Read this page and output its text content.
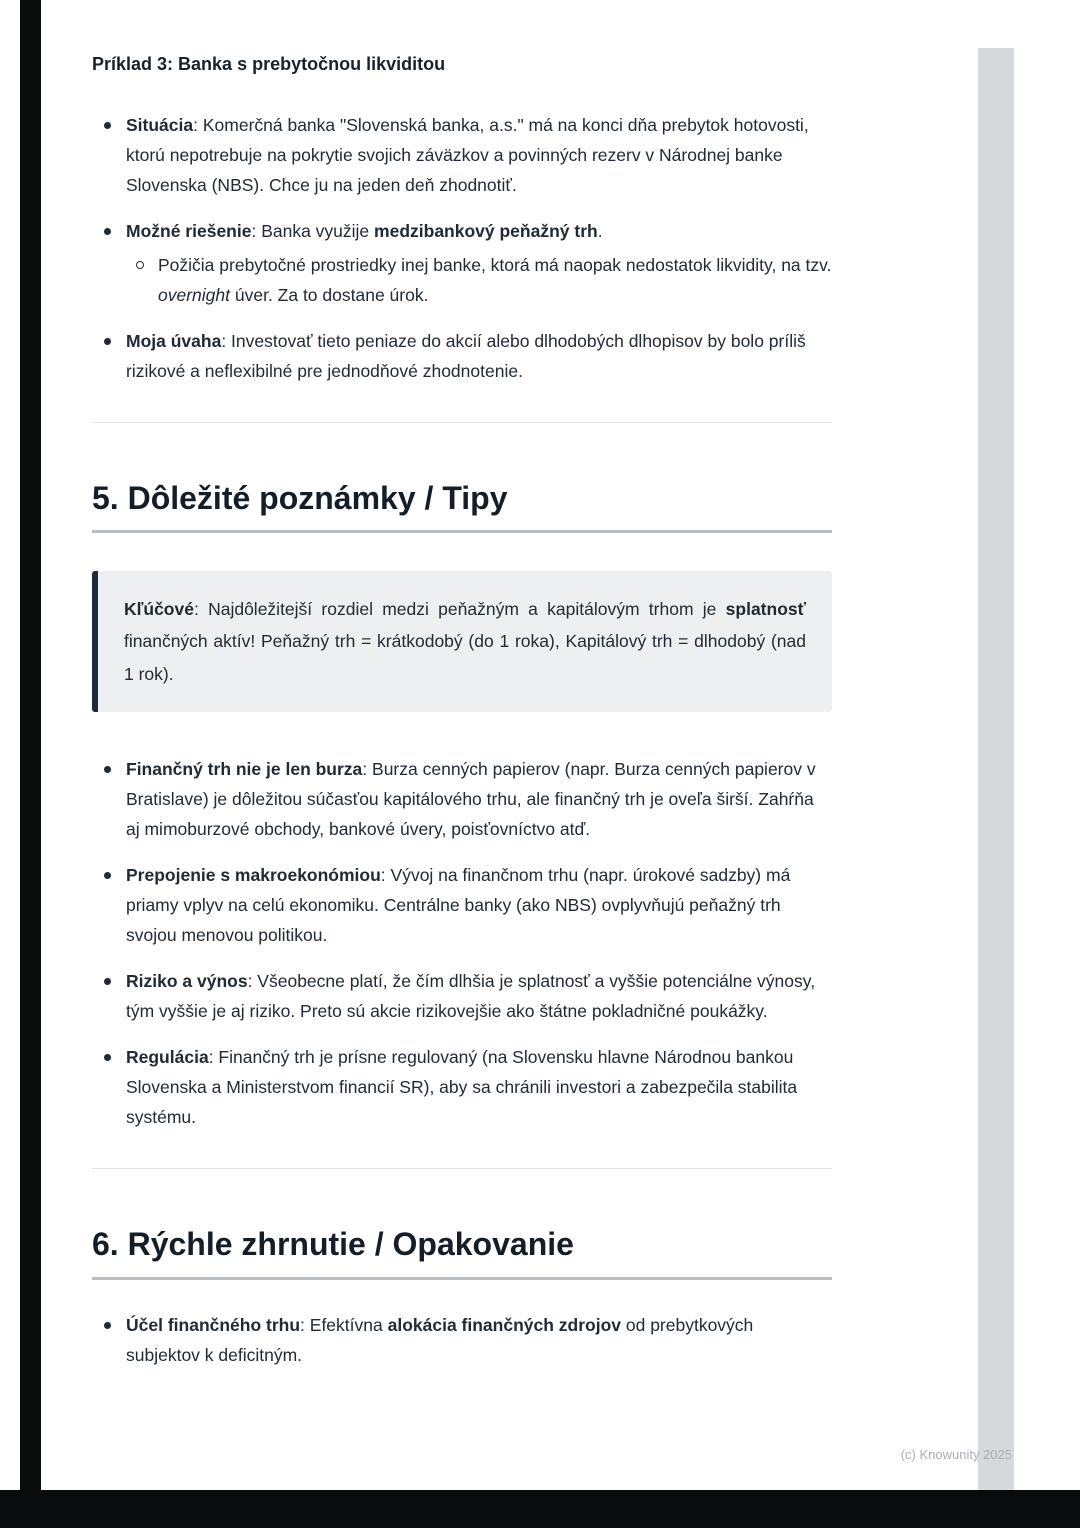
Príklad 3: Banka s prebytočnou likviditou
Situácia: Komerčná banka "Slovenská banka, a.s." má na konci dňa prebytok hotovosti, ktorú nepotrebuje na pokrytie svojich záväzkov a povinných rezerv v Národnej banke Slovenska (NBS). Chce ju na jeden deň zhodnotiť.
Možné riešenie: Banka využije medzibankový peňažný trh.
Požičia prebytočné prostriedky inej banke, ktorá má naopak nedostatok likvidity, na tzv. overnight úver. Za to dostane úrok.
Moja úvaha: Investovať tieto peniaze do akcií alebo dlhodobých dlhopisov by bolo príliš rizikové a neflexibilné pre jednodňové zhodnotenie.
5. Dôležité poznámky / Tipy

Kľúčové: Najdôležitejší rozdiel medzi peňažným a kapitálovým trhom je splatnosť finančných aktív! Peňažný trh = krátkodobý (do 1 roka), Kapitálový trh = dlhodobý (nad 1 rok).

Finančný trh nie je len burza: Burza cenných papierov (napr. Burza cenných papierov v Bratislave) je dôležitou súčasťou kapitálového trhu, ale finančný trh je oveľa širší. Zahŕňa aj mimoburzové obchody, bankové úvery, poisťovníctvo atď.
Prepojenie s makroekonómiou: Vývoj na finančnom trhu (napr. úrokové sadzby) má priamy vplyv na celú ekonomiku. Centrálne banky (ako NBS) ovplyvňujú peňažný trh svojou menovou politikou.
Riziko a výnos: Všeobecne platí, že čím dlhšia je splatnosť a vyššie potenciálne výnosy, tým vyššie je aj riziko. Preto sú akcie rizikovejšie ako štátne pokladničné poukážky.
Regulácia: Finančný trh je prísne regulovaný (na Slovensku hlavne Národnou bankou Slovenska a Ministerstvom financií SR), aby sa chránili investori a zabezpečila stabilita systému.
6. Rýchle zhrnutie / Opakovanie
Účel finančného trhu: Efektívna alokácia finančných zdrojov od prebytkových subjektov k deficitným.
(c) Knowunity 2025
